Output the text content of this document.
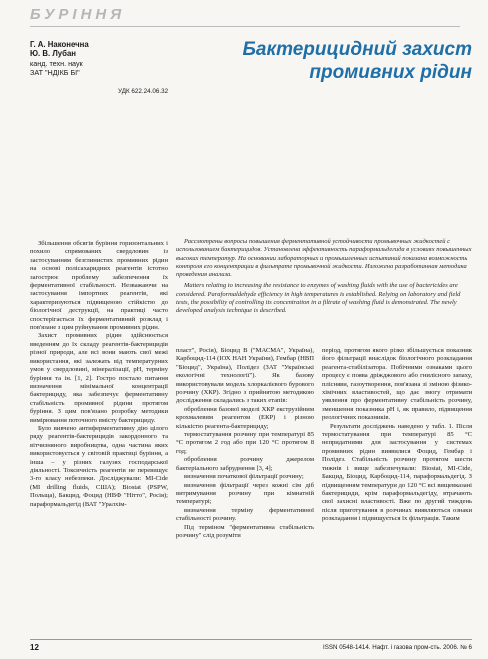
БУРІННЯ
Г. А. Наконечна
Ю. В. Лубан
канд. техн. наук
ЗАТ "НДІКБ БІ"
Бактерицидний захист
промивних рідин
УДК 622.24.06.32

Рассмотрены вопросы повышения ферментативной устойчивости промывочных жидкостей с использованием бактерицидов. Установлена эффективность параформальдегида в условиях повышенных высоких температур. На основании лабораторных и промышленных испытаний показана возможность контроля его концентрации в фильтрате промывочной жидкости. Изложена разработанная методика проведения анализа.

Matters relating to increasing the resistance to enzymes of washing fluids with the use of bactericides are considered. Paraformaldehyde efficiency in high temperatures is established. Relying on laboratory and field tests, the possibility of controlling its concentration in a filtrate of washing fluid is demonstrated. The newly developed analysis technique is described.

Збільшення обсягів буріння горизонтальних і похило спрямованих свердловин із застосуванням безглинистих промивних рідин на основі полісахаридних реагентів істотно загострює проблему забезпечення їх ферментативної стабільності. Незважаючи на застосування імпортних реагентів, які характеризуються підвищеною стійкістю до біологічної деструкції, на практиці часто спостерігається їх ферментативний розклад і пов'язане з цим руйнування промивних рідин.

Захист промивних рідин здійснюється введенням до їх складу реагентів-бактерицидів різної природи, але всі вони мають свої межі використання, які залежать від температурних умов у свердловині, мінералізації, pH, терміну буріння та ін. [1, 2]. Гостро постало питання визначення мінімальної концентрації бактерициду, яка забезпечує ферментативну стабільність промивної рідини протягом буріння. З цим пов'язано розробку методики вимірювання поточного вмісту бактерициду.

Було вивчено антиферментативну дію цілого ряду реагентів-бактерицидів закордонного та вітчизняного виробництва, одна частина яких використовується у світовій практиці буріння, а інша – у різних галузях господарської діяльності. Токсичність реагентів не перевищує 3-го класу небезпеки. Досліджували: MI-Cide (MI drilling fluids, США); Biostat (PSPW, Польща), Бакцид, Фоцид (НВФ "Нітто", Росія); параформальдегід (ВАТ "Уралхім-

пласт", Росія), Біоцид В ("МАСМА", Україна), Карбоцид-114 (ІОХ НАН України), Гембар (НВП "Біоцид", Україна), Полідез (ЗАТ "Українські екологічні технології"). Як базову використовували модель хлоркалієвого бурового розчину (ХКР). Згідно з прийнятою методикою дослідження складались з таких етапів:

оброблення базової моделі ХКР екструзійним крохмалевим реагентом (ЕКР) і різною кількістю реагента-бактерициду;

термостатування розчину при температурі 85 °С протягом 2 год або при 120 °С протягом 8 год;

оброблення розчину джерелом бактеріального забруднення [3, 4];

визначення початкової фільтрації розчину;

визначення фільтрації через кожні сім діб витримування розчину при кімнатній температурі;

визначення терміну ферментативної стабільності розчину.

Під терміном "ферментативна стабільність розчину" слід розуміти

період, протягом якого різко збільшується показник його фільтрації внаслідок біологічного розкладання реагента-стабілізатора. Побічними ознаками цього процесу є поява дріжджового або гнилісного запаху, плісняви, газоутворення, пов'язана зі зміною фізико-хімічних властивостей, що дає змогу отримати уявлення про ферментативну стабільність розчину, зменшення показника pH і, як правило, підвищення реологічних показників.

Результати досліджень наведено у табл. 1. Після термостатування при температурі 85 °С непридатними для застосування у системах промивних рідин виявилися Фоцид, Гембар і Полідез. Стабільність розчину протягом шести тижнів і вище забезпечували: Biostat, MI-Cide, Бакцид, Біоцид, Карбоцид-114, параформальдегід. З підвищенням температури до 120 °С всі вищевказані бактерициди, крім параформальдегіду, втрачають свої захисні властивості. Вже по другий тиждень після приготування в розчинах виявляються ознаки розкладання і підвищується їх фільтрація. Таким

12	ISSN 0548-1414. Нафт. і газова пром-сть. 2006. № 6
